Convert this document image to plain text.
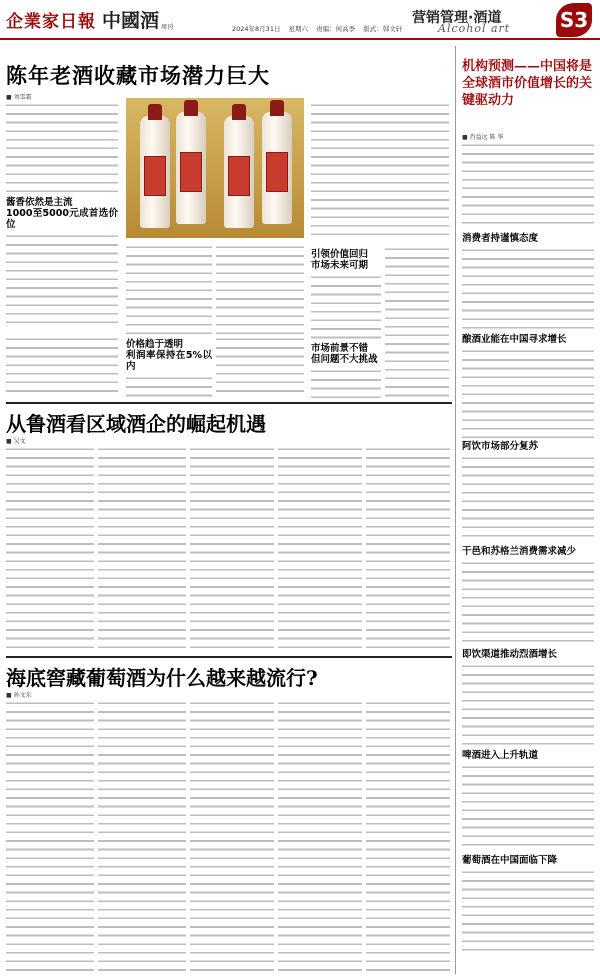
企業家日報 中國酒 周刊	2024年8月31日 星期六 责编：何高季 版式：韩文轩
营销管理·酒道
Alcohol art S3
陈年老酒收藏市场潜力巨大
■ 刘雪霜
酱香依然是主流
1000至5000元成首选价位
价格趋于透明
利润率保持在5%以内
引领价值回归
市场未来可期
市场前景不错
但问题不大挑战
从鲁酒看区域酒企的崛起机遇
■ 吴文
海底窖藏葡萄酒为什么越来越流行?
■ 孙文东
机构预测——中国将是全球酒市价值增长的关键驱动力
■ 肖益远 陈 华
消费者持谨慎态度
酿酒业能在中国寻求增长
阿饮市场部分复苏
干邑和苏格兰消费需求减少
即饮渠道推动烈酒增长
啤酒进入上升轨道
葡萄酒在中国面临下降
